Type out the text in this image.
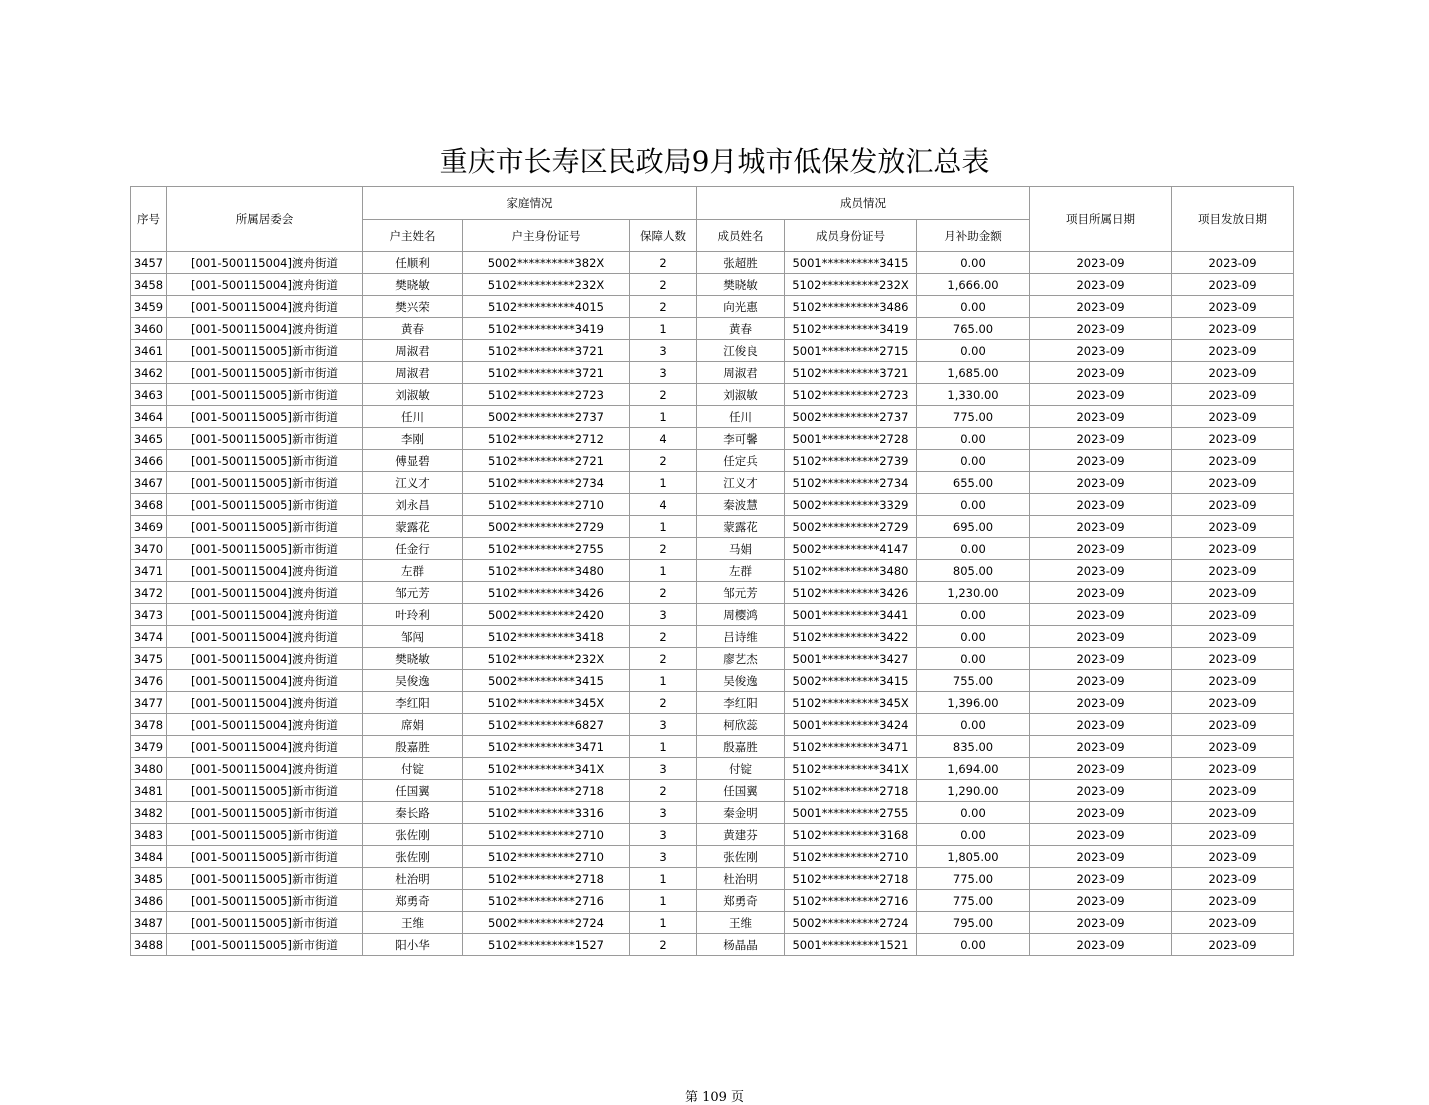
重庆市长寿区民政局9月城市低保发放汇总表
序号	所属居委会	家庭情况			成员情况			项目所属日期	项目发放日期
		户主姓名	户主身份证号	保障人数	成员姓名	成员身份证号	月补助金额		
3457	[001-500115004]渡舟街道	任顺利	5002**********382X	2	张超胜	5001**********3415	0.00	2023-09	2023-09
3458	[001-500115004]渡舟街道	樊晓敏	5102**********232X	2	樊晓敏	5102**********232X	1,666.00	2023-09	2023-09
3459	[001-500115004]渡舟街道	樊兴荣	5102**********4015	2	向光惠	5102**********3486	0.00	2023-09	2023-09
3460	[001-500115004]渡舟街道	黄春	5102**********3419	1	黄春	5102**********3419	765.00	2023-09	2023-09
3461	[001-500115005]新市街道	周淑君	5102**********3721	3	江俊良	5001**********2715	0.00	2023-09	2023-09
3462	[001-500115005]新市街道	周淑君	5102**********3721	3	周淑君	5102**********3721	1,685.00	2023-09	2023-09
3463	[001-500115005]新市街道	刘淑敏	5102**********2723	2	刘淑敏	5102**********2723	1,330.00	2023-09	2023-09
3464	[001-500115005]新市街道	任川	5002**********2737	1	任川	5002**********2737	775.00	2023-09	2023-09
3465	[001-500115005]新市街道	李刚	5102**********2712	4	李可馨	5001**********2728	0.00	2023-09	2023-09
3466	[001-500115005]新市街道	傅显碧	5102**********2721	2	任定兵	5102**********2739	0.00	2023-09	2023-09
3467	[001-500115005]新市街道	江义才	5102**********2734	1	江义才	5102**********2734	655.00	2023-09	2023-09
3468	[001-500115005]新市街道	刘永昌	5102**********2710	4	秦波慧	5002**********3329	0.00	2023-09	2023-09
3469	[001-500115005]新市街道	蒙露花	5002**********2729	1	蒙露花	5002**********2729	695.00	2023-09	2023-09
3470	[001-500115005]新市街道	任金行	5102**********2755	2	马娟	5002**********4147	0.00	2023-09	2023-09
3471	[001-500115004]渡舟街道	左群	5102**********3480	1	左群	5102**********3480	805.00	2023-09	2023-09
3472	[001-500115004]渡舟街道	邹元芳	5102**********3426	2	邹元芳	5102**********3426	1,230.00	2023-09	2023-09
3473	[001-500115004]渡舟街道	叶玲利	5002**********2420	3	周樱鸿	5001**********3441	0.00	2023-09	2023-09
3474	[001-500115004]渡舟街道	邹闯	5102**********3418	2	吕诗维	5102**********3422	0.00	2023-09	2023-09
3475	[001-500115004]渡舟街道	樊晓敏	5102**********232X	2	廖艺杰	5001**********3427	0.00	2023-09	2023-09
3476	[001-500115004]渡舟街道	吴俊逸	5002**********3415	1	吴俊逸	5002**********3415	755.00	2023-09	2023-09
3477	[001-500115004]渡舟街道	李红阳	5102**********345X	2	李红阳	5102**********345X	1,396.00	2023-09	2023-09
3478	[001-500115004]渡舟街道	席娟	5102**********6827	3	柯欣蕊	5001**********3424	0.00	2023-09	2023-09
3479	[001-500115004]渡舟街道	殷嘉胜	5102**********3471	1	殷嘉胜	5102**********3471	835.00	2023-09	2023-09
3480	[001-500115004]渡舟街道	付锭	5102**********341X	3	付锭	5102**********341X	1,694.00	2023-09	2023-09
3481	[001-500115005]新市街道	任国翼	5102**********2718	2	任国翼	5102**********2718	1,290.00	2023-09	2023-09
3482	[001-500115005]新市街道	秦长路	5102**********3316	3	秦金明	5001**********2755	0.00	2023-09	2023-09
3483	[001-500115005]新市街道	张佐刚	5102**********2710	3	黄建芬	5102**********3168	0.00	2023-09	2023-09
3484	[001-500115005]新市街道	张佐刚	5102**********2710	3	张佐刚	5102**********2710	1,805.00	2023-09	2023-09
3485	[001-500115005]新市街道	杜治明	5102**********2718	1	杜治明	5102**********2718	775.00	2023-09	2023-09
3486	[001-500115005]新市街道	郑勇奇	5102**********2716	1	郑勇奇	5102**********2716	775.00	2023-09	2023-09
3487	[001-500115005]新市街道	王维	5002**********2724	1	王维	5002**********2724	795.00	2023-09	2023-09
3488	[001-500115005]新市街道	阳小华	5102**********1527	2	杨晶晶	5001**********1521	0.00	2023-09	2023-09
第 109 页
